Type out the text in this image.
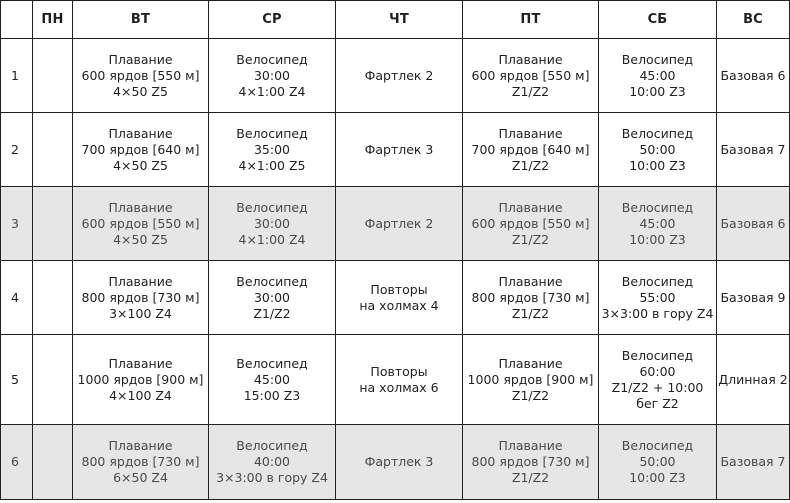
	ПН	ВТ	СР	ЧТ	ПТ	СБ	ВС
1		Плавание
600 ярдов [550 м]
4×50 Z5	Велосипед
30:00
4×1:00 Z4	Фартлек 2	Плавание
600 ярдов [550 м]
Z1/Z2	Велосипед
45:00
10:00 Z3	Базовая 6

2		Плавание
700 ярдов [640 м]
4×50 Z5	Велосипед
35:00
4×1:00 Z5	Фартлек 3	Плавание
700 ярдов [640 м]
Z1/Z2	Велосипед
50:00
10:00 Z3	Базовая 7

3		Плавание
600 ярдов [550 м]
4×50 Z5	Велосипед
30:00
4×1:00 Z4	Фартлек 2	Плавание
600 ярдов [550 м]
Z1/Z2	Велосипед
45:00
10:00 Z3	Базовая 6

4		Плавание
800 ярдов [730 м]
3×100 Z4	Велосипед
30:00
Z1/Z2	Повторы
на холмах 4	Плавание
800 ярдов [730 м]
Z1/Z2	Велосипед
55:00
3×3:00 в гору Z4	Базовая 9

5		Плавание
1000 ярдов [900 м]
4×100 Z4	Велосипед
45:00
15:00 Z3	Повторы
на холмах 6	Плавание
1000 ярдов [900 м]
Z1/Z2	Велосипед
60:00
Z1/Z2 + 10:00
бег Z2	Длинная 2

6		Плавание
800 ярдов [730 м]
6×50 Z4	Велосипед
40:00
3×3:00 в гору Z4	Фартлек 3	Плавание
800 ярдов [730 м]
Z1/Z2	Велосипед
50:00
10:00 Z3	Базовая 7
